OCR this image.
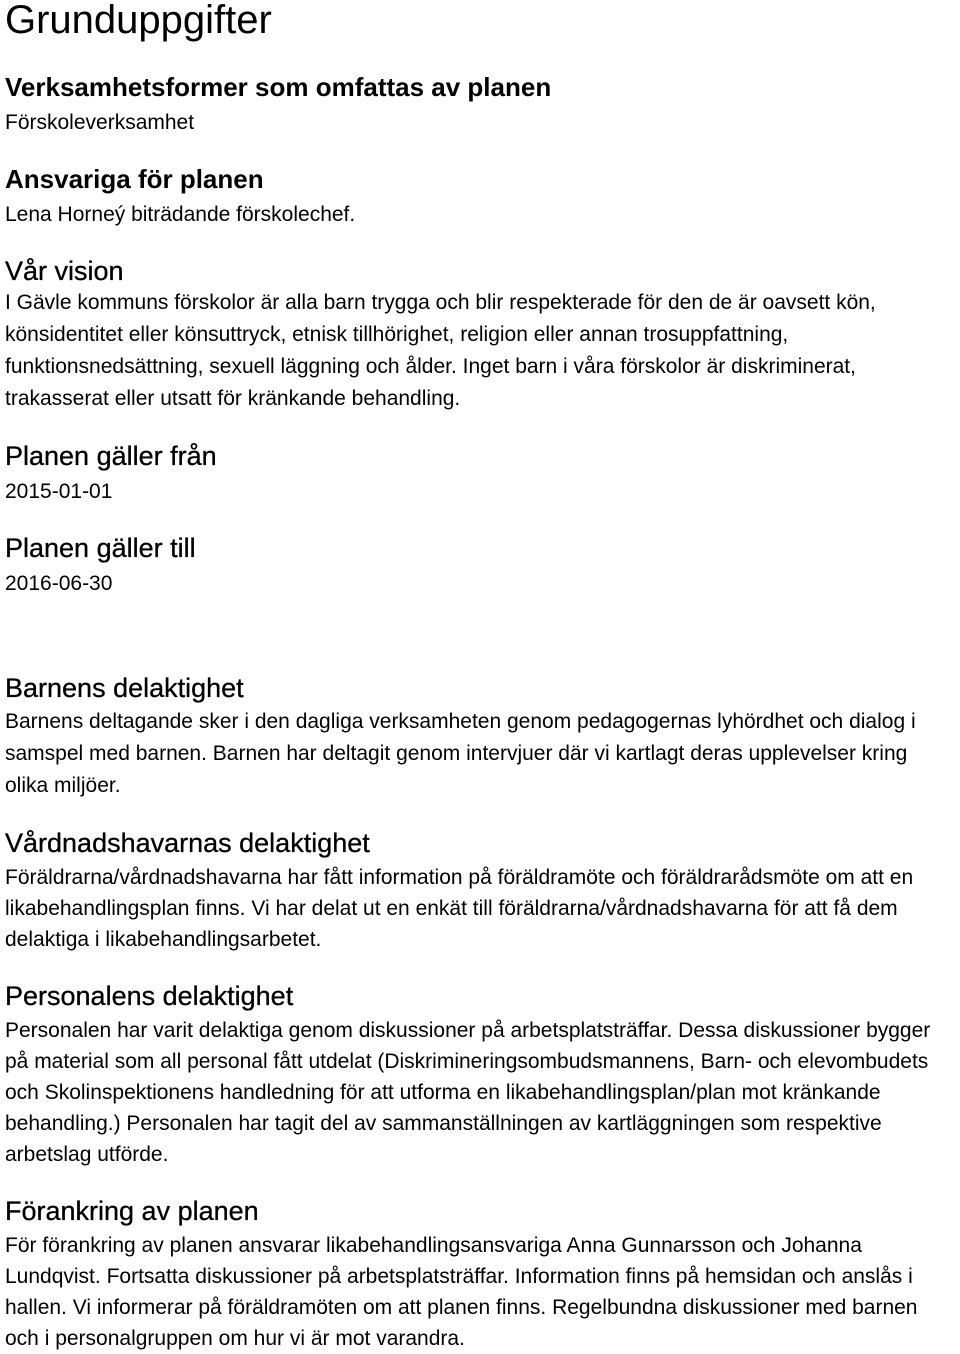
Grunduppgifter
Verksamhetsformer som omfattas av planen
Förskoleverksamhet
Ansvariga för planen
Lena Horneý biträdande förskolechef.
Vår vision
I Gävle kommuns förskolor är alla barn trygga och blir respekterade för den de är oavsett kön,
könsidentitet eller könsuttryck, etnisk tillhörighet, religion eller annan trosuppfattning,
funktionsnedsättning, sexuell läggning och ålder. Inget barn i våra förskolor är diskriminerat,
trakasserat eller utsatt för kränkande behandling.
Planen gäller från
2015-01-01
Planen gäller till
2016-06-30
Barnens delaktighet
Barnens deltagande sker i den dagliga verksamheten genom pedagogernas lyhördhet och dialog i
samspel med barnen. Barnen har deltagit genom intervjuer där vi kartlagt deras upplevelser kring
olika miljöer.
Vårdnadshavarnas delaktighet
Föräldrarna/vårdnadshavarna har fått information på föräldramöte och föräldrarådsmöte om att en
likabehandlingsplan finns. Vi har delat ut en enkät till föräldrarna/vårdnadshavarna för att få dem
delaktiga i likabehandlingsarbetet.
Personalens delaktighet
Personalen har varit delaktiga genom diskussioner på arbetsplatsträffar. Dessa diskussioner bygger
på material som all personal fått utdelat (Diskrimineringsombudsmannens, Barn- och elevombudets
och Skolinspektionens handledning för att utforma en likabehandlingsplan/plan mot kränkande
behandling.) Personalen har tagit del av sammanställningen av kartläggningen som respektive
arbetslag utförde.
Förankring av planen
För förankring av planen ansvarar likabehandlingsansvariga Anna Gunnarsson och Johanna
Lundqvist. Fortsatta diskussioner på arbetsplatsträffar. Information finns på hemsidan och anslås i
hallen. Vi informerar på föräldramöten om att planen finns. Regelbundna diskussioner med barnen
och i personalgruppen om hur vi är mot varandra.
